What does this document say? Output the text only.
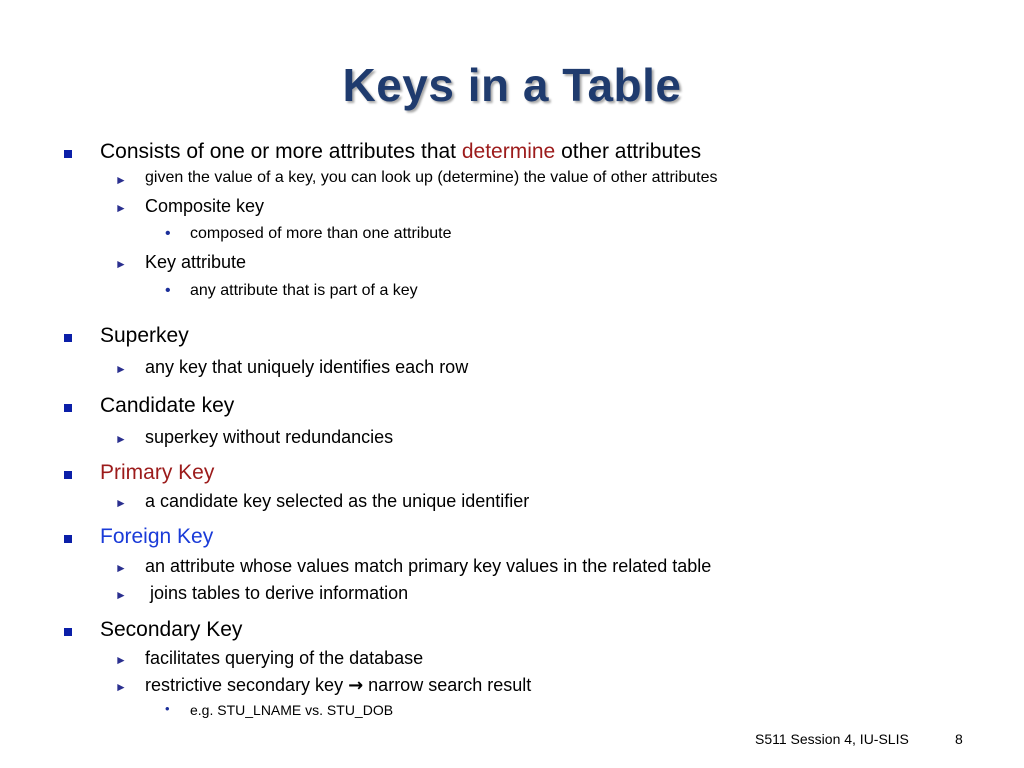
Keys in a Table
Consists of one or more attributes that determine other attributes
► given the value of a key, you can look up (determine) the value of other attributes
► Composite key
• composed of more than one attribute
► Key attribute
• any attribute that is part of a key
Superkey
► any key that uniquely identifies each row
Candidate key
► superkey without redundancies
Primary Key
► a candidate key selected as the unique identifier
Foreign Key
► an attribute whose values match primary key values in the related table
► joins tables to derive information
Secondary Key
► facilitates querying of the database
► restrictive secondary key → narrow search result
• e.g. STU_LNAME vs. STU_DOB
S511 Session 4, IU-SLIS	8
